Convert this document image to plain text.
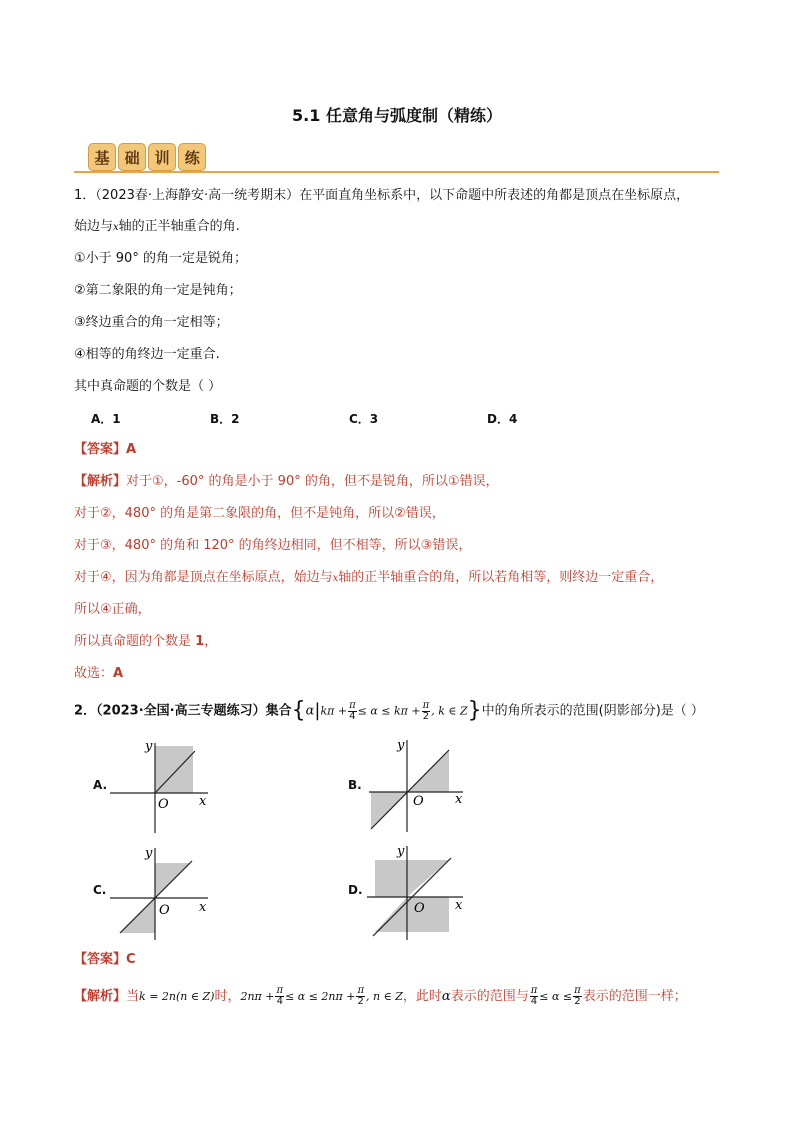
5.1 任意角与弧度制（精练）
基 础 训 练
1．（2023春·上海静安·高一统考期末）在平面直角坐标系中，以下命题中所表述的角都是顶点在坐标原点，
始边与x轴的正半轴重合的角.
①小于 90° 的角一定是锐角；
②第二象限的角一定是钝角；
③终边重合的角一定相等；
④相等的角终边一定重合.
其中真命题的个数是（ ）
A．1	B．2	C．3	D．4
【答案】A
【解析】对于①，-60° 的角是小于 90° 的角，但不是锐角，所以①错误，
对于②，480° 的角是第二象限的角，但不是钝角，所以②错误，
对于③，480° 的角和 120° 的角终边相同，但不相等，所以③错误，
对于④，因为角都是顶点在坐标原点，始边与x轴的正半轴重合的角，所以若角相等，则终边一定重合，
所以④正确，
所以真命题的个数是 1，
故选：A
2．（2023·全国·高三专题练习）集合{$\alpha|k\pi + \frac{\pi}{4} \le \alpha \le k\pi + \frac{\pi}{2}$ , k ∈ Z}中的角所表示的范围(阴影部分)是（ ）
A.
y
x
O
B.
y
x
O
C.
y
x
O
D.
y
x
O
【答案】C
【解析】当k = 2n(n ∈ Z)时，$2n\pi + \frac{\pi}{4} \le \alpha \le 2n\pi + \frac{\pi}{2}$ , n ∈ Z，此时α表示的范围与 $\frac{\pi}{4} \le \alpha \le \frac{\pi}{2}$ 表示的范围一样；
